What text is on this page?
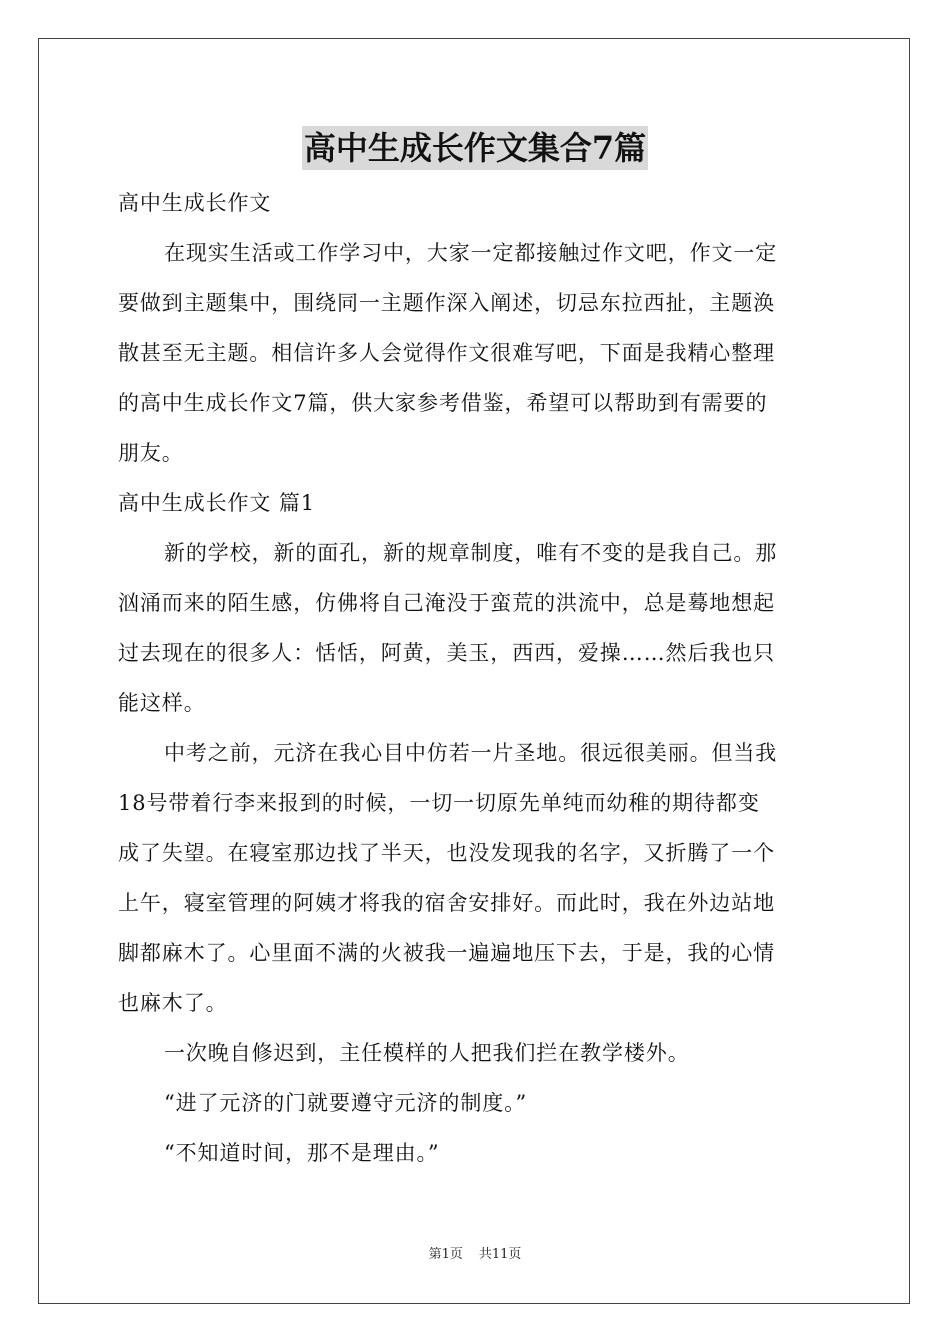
高中生成长作文集合7篇
高中生成长作文
在现实生活或工作学习中，大家一定都接触过作文吧，作文一定
要做到主题集中，围绕同一主题作深入阐述，切忌东拉西扯，主题涣
散甚至无主题。相信许多人会觉得作文很难写吧，下面是我精心整理
的高中生成长作文7篇，供大家参考借鉴，希望可以帮助到有需要的
朋友。
高中生成长作文 篇1
新的学校，新的面孔，新的规章制度，唯有不变的是我自己。那
汹涌而来的陌生感，仿佛将自己淹没于蛮荒的洪流中，总是蓦地想起
过去现在的很多人：恬恬，阿黄，美玉，西西，爱操……然后我也只
能这样。
中考之前，元济在我心目中仿若一片圣地。很远很美丽。但当我
18号带着行李来报到的时候，一切一切原先单纯而幼稚的期待都变
成了失望。在寝室那边找了半天，也没发现我的名字，又折腾了一个
上午，寝室管理的阿姨才将我的宿舍安排好。而此时，我在外边站地
脚都麻木了。心里面不满的火被我一遍遍地压下去，于是，我的心情
也麻木了。
一次晚自修迟到，主任模样的人把我们拦在教学楼外。
“进了元济的门就要遵守元济的制度。”
“不知道时间，那不是理由。”
第1页 共11页
